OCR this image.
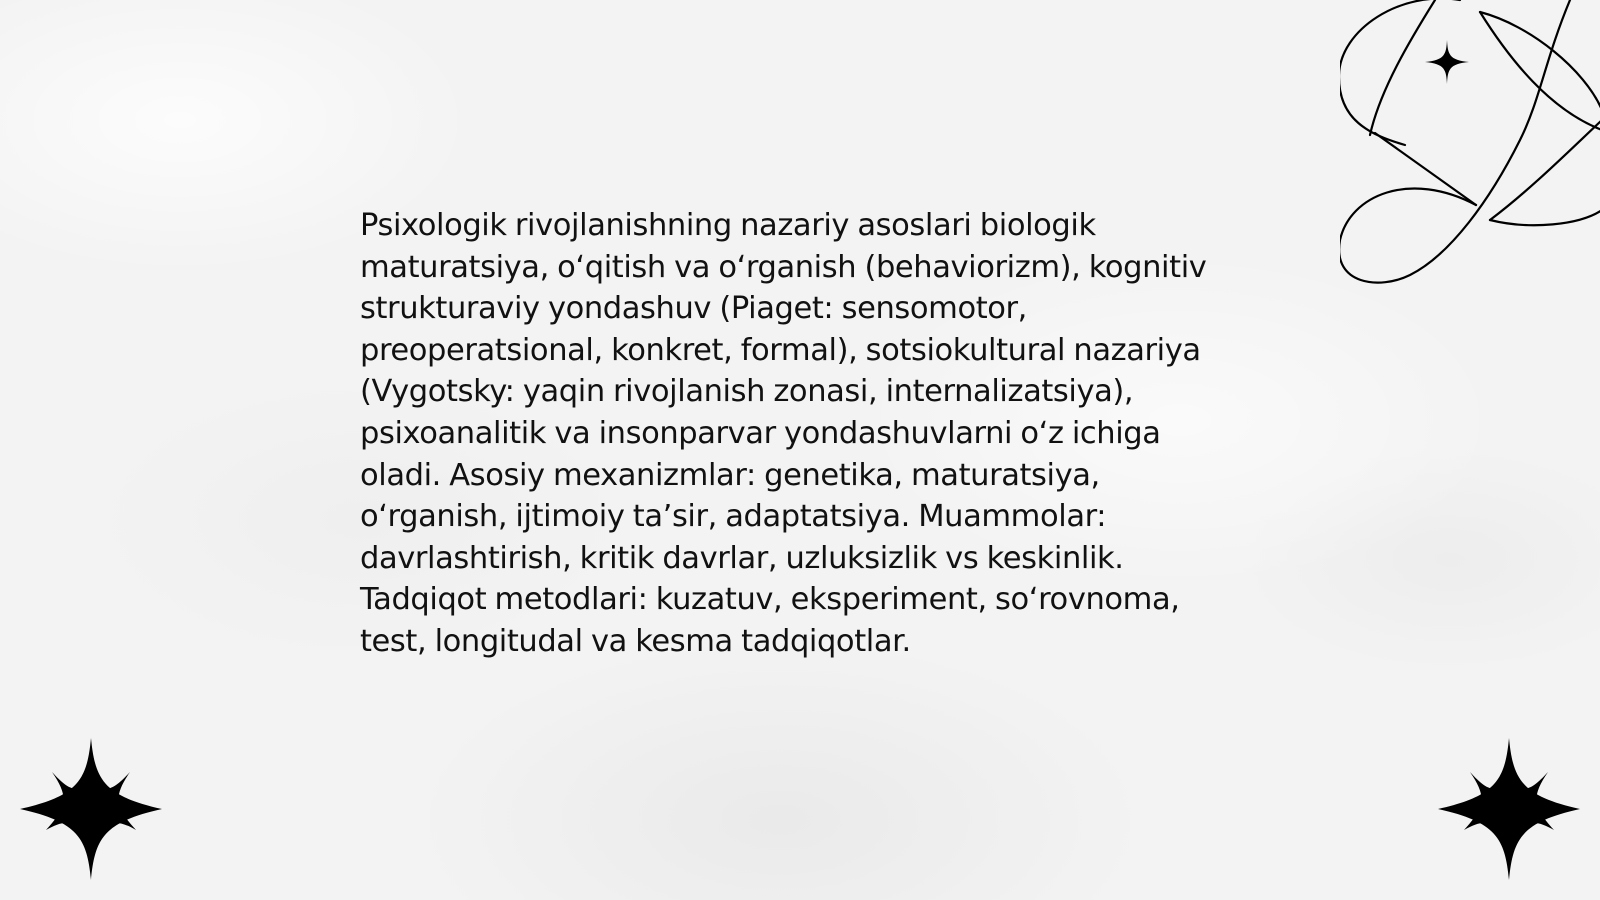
Psixologik rivojlanishning nazariy asoslari biologik maturatsiya, oʻqitish va oʻrganish (behaviorizm), kognitiv strukturaviy yondashuv (Piaget: sensomotor, preoperatsional, konkret, formal), sotsiokultural nazariya (Vygotsky: yaqin rivojlanish zonasi, internalizatsiya), psixoanalitik va insonparvar yondashuvlarni oʻz ichiga oladi. Asosiy mexanizmlar: genetika, maturatsiya, oʻrganish, ijtimoiy taʼsir, adaptatsiya. Muammolar: davrlashtirish, kritik davrlar, uzluksizlik vs keskinlik. Tadqiqot metodlari: kuzatuv, eksperiment, soʻrovnoma, test, longitudal va kesma tadqiqotlar.
